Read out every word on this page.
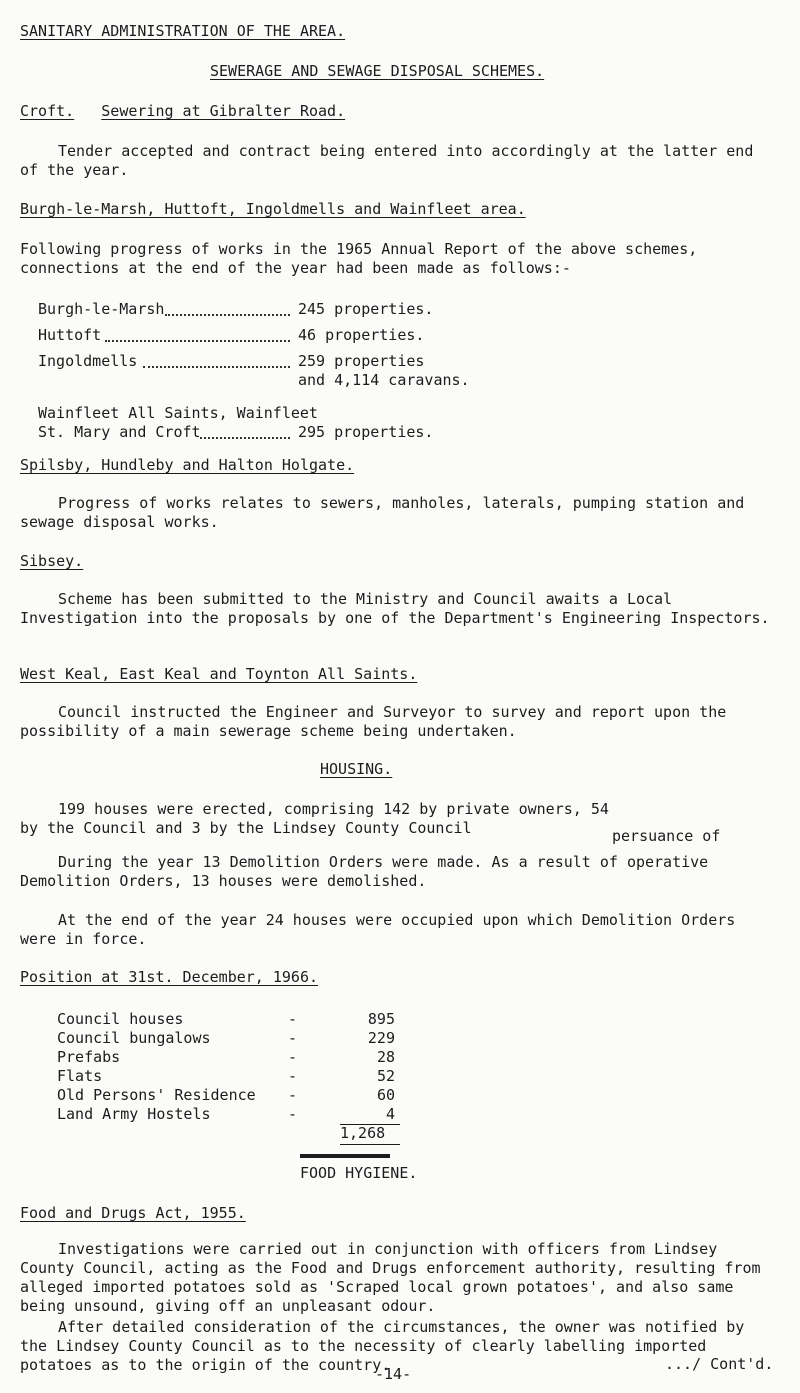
SANITARY ADMINISTRATION OF THE AREA.
SEWERAGE AND SEWAGE DISPOSAL SCHEMES.
Croft. Sewering at Gibralter Road.
Tender accepted and contract being entered into accordingly at the latter end of the year.
Burgh-le-Marsh, Huttoft, Ingoldmells and Wainfleet area.
Following progress of works in the 1965 Annual Report of the above schemes, connections at the end of the year had been made as follows:-
Burgh-le-Marsh	245 properties.
Huttoft	46 properties.
Ingoldmells	259 properties
and 4,114 caravans.
Wainfleet All Saints, Wainfleet
St. Mary and Croft	295 properties.
Spilsby, Hundleby and Halton Holgate.
Progress of works relates to sewers, manholes, laterals, pumping station and sewage disposal works.
Sibsey.
Scheme has been submitted to the Ministry and Council awaits a Local Investigation into the proposals by one of the Department's Engineering Inspectors.
West Keal, East Keal and Toynton All Saints.
Council instructed the Engineer and Surveyor to survey and report upon the possibility of a main sewerage scheme being undertaken.
HOUSING.
199 houses were erected, comprising 142 by private owners, 54 by the Council and 3 by the Lindsey County Council	persuance of
During the year 13 Demolition Orders were made. As a result of operative Demolition Orders, 13 houses were demolished.
At the end of the year 24 houses were occupied upon which Demolition Orders were in force.
Position at 31st. December, 1966.
Council houses	-	895
Council bungalows	-	229
Prefabs	-	28
Flats	-	52
Old Persons' Residence -	60
Land Army Hostels	-	4
1,268
FOOD HYGIENE.
Food and Drugs Act, 1955.
Investigations were carried out in conjunction with officers from Lindsey County Council, acting as the Food and Drugs enforcement authority, resulting from alleged imported potatoes sold as 'Scraped local grown potatoes', and also same being unsound, giving off an unpleasant odour.
After detailed consideration of the circumstances, the owner was notified by the Lindsey County Council as to the necessity of clearly labelling imported potatoes as to the origin of the country.
-14-
.../ Cont'd.
